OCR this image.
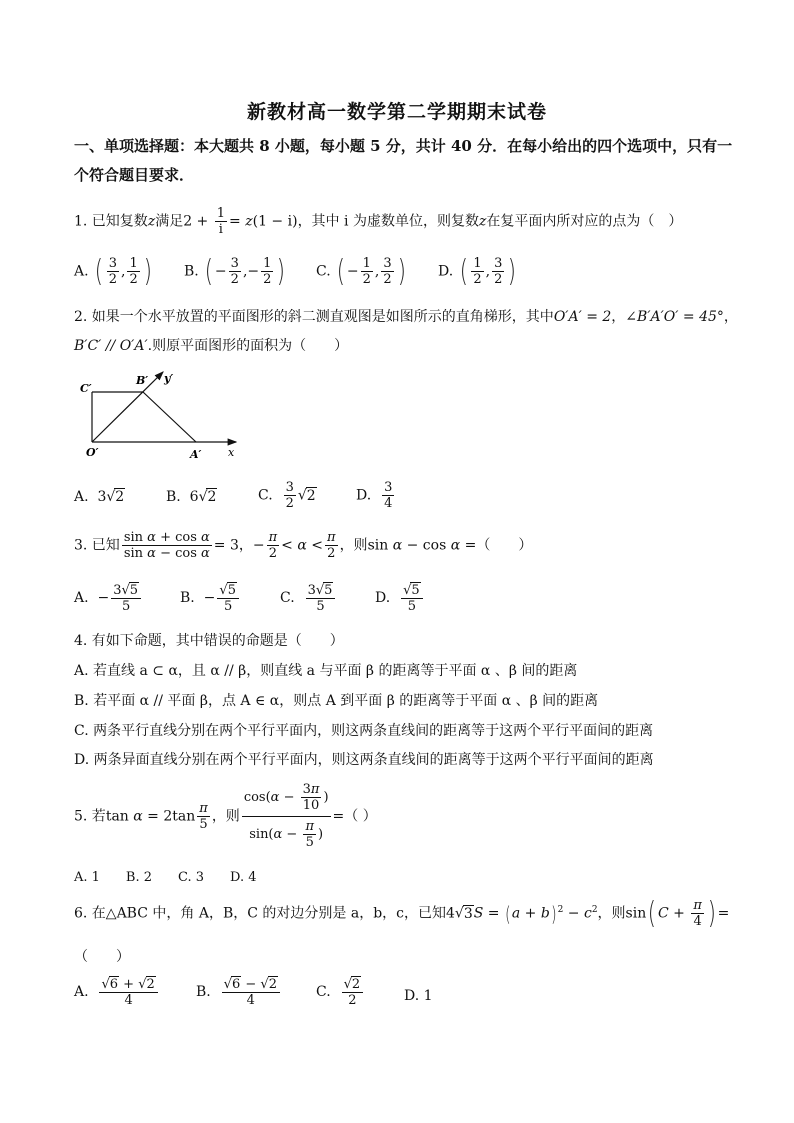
新教材高一数学第二学期期末试卷
一、单项选择题：本大题共 8 小题，每小题 5 分，共计 40 分．在每小给出的四个选项中，只有一个符合题目要求．
1. 已知复数z满足$2 + \frac{1}{i} = z(1 - i)$，其中 i 为虚数单位，则复数z在复平面内所对应的点为（　）
A. ( $\frac{3}{2}$ , $\frac{1}{2}$ ) B. ( − $\frac{3}{2}$ ,− $\frac{1}{2}$ ) C. ( − $\frac{1}{2}$ , $\frac{3}{2}$ ) D. ( $\frac{1}{2}$ , $\frac{3}{2}$ )
2. 如果一个水平放置的平面图形的斜二测直观图是如图所示的直角梯形，其中O′A′ = 2，∠B′A′O′ = 45°，
B′C′ // O′A′.则原平面图形的面积为（　　）
C′
B′ y′
O′	A′ x
A.  3√2	B.  6√2	C. $\frac{3}{2} √2$	D. $\frac{3}{4}$
3. 已知 $\frac{\text{sin α + cos α}}{\text{sin α − cos α}} = 3$，− $\frac{\pi}{2} < \alpha < \frac{\pi}{2}$ ，则sin α − cos α =（　　）
A.  − $\frac{3√5}{5}$	B.  − $\frac{√5}{5}$	C. $\frac{3√5}{5}$	D. $\frac{√5}{5}$
4. 有如下命题，其中错误的命题是（　　）
A. 若直线 a ⊂ α，且 α // β，则直线 a 与平面 β 的距离等于平面 α 、β 间的距离
B. 若平面 α // 平面 β，点 A ∈ α，则点 A 到平面 β 的距离等于平面 α 、β 间的距离
C. 两条平行直线分别在两个平行平面内，则这两条直线间的距离等于这两个平行平面间的距离
D. 两条异面直线分别在两个平行平面内，则这两条直线间的距离等于这两个平行平面间的距离
5. 若$\tan \alpha = 2\tan \frac{\pi}{5}$ ，则 $\frac{\cos(\alpha - \frac{3\pi}{10} )}{\sin(\alpha - \frac{\pi}{5} )}$ =（ ）
A. 1　　B. 2　　C. 3　　D. 4
6. 在△ABC 中，角 A，B，C 的对边分别是 a，b，c，已知$4√3S = (a + b)^2 - c^2$，则sin( $C + \frac{\pi}{4}$ ) =
（　　）
A. $\frac{√6 + √2}{4}$	B. $\frac{√6 - √2}{4}$	C. $\frac{√2}{2}$	D. 1
